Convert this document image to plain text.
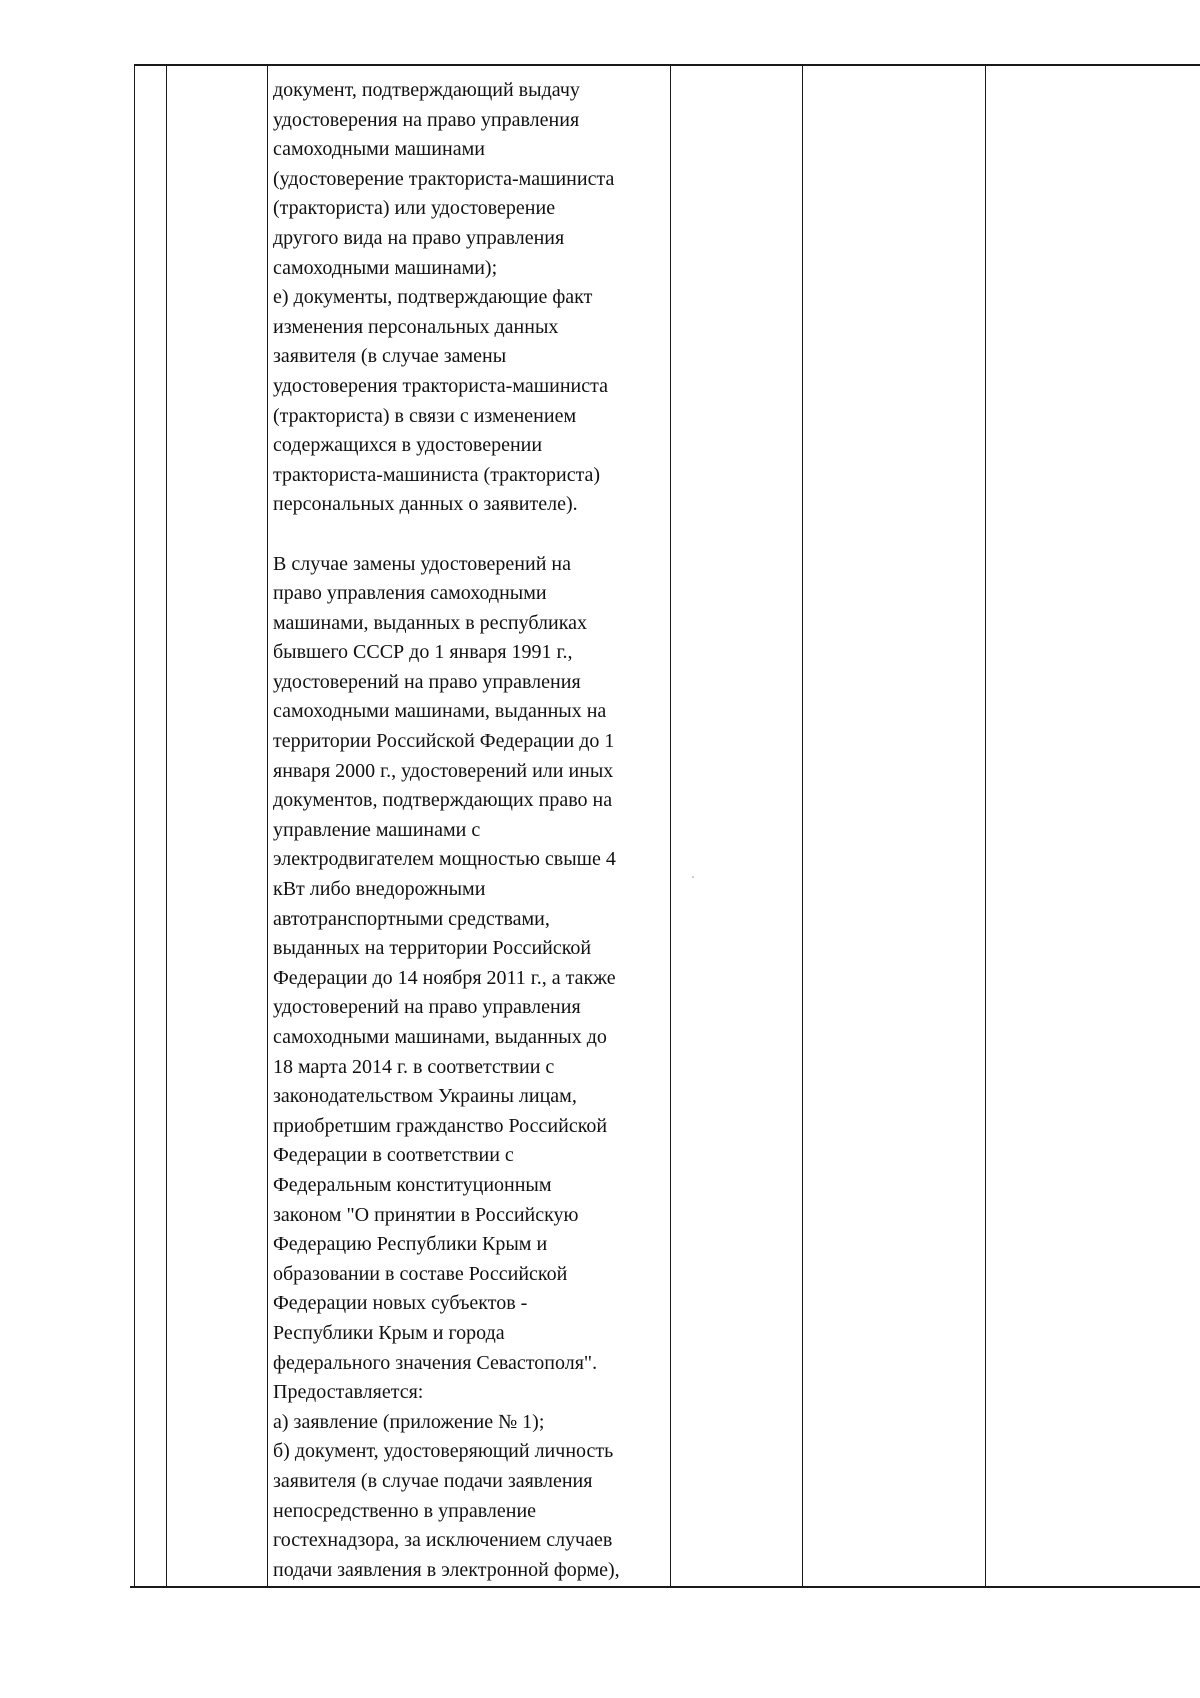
документ, подтверждающий выдачу
удостоверения на право управления
самоходными машинами
(удостоверение тракториста-машиниста
(тракториста) или удостоверение
другого вида на право управления
самоходными машинами);
е) документы, подтверждающие факт
изменения персональных данных
заявителя (в случае замены
удостоверения тракториста-машиниста
(тракториста) в связи с изменением
содержащихся в удостоверении
тракториста-машиниста (тракториста)
персональных данных о заявителе).
В случае замены удостоверений на
право управления самоходными
машинами, выданных в республиках
бывшего СССР до 1 января 1991 г.,
удостоверений на право управления
самоходными машинами, выданных на
территории Российской Федерации до 1
января 2000 г., удостоверений или иных
документов, подтверждающих право на
управление машинами с
электродвигателем мощностью свыше 4
кВт либо внедорожными
автотранспортными средствами,
выданных на территории Российской
Федерации до 14 ноября 2011 г., а также
удостоверений на право управления
самоходными машинами, выданных до
18 марта 2014 г. в соответствии с
законодательством Украины лицам,
приобретшим гражданство Российской
Федерации в соответствии с
Федеральным конституционным
законом "О принятии в Российскую
Федерацию Республики Крым и
образовании в составе Российской
Федерации новых субъектов -
Республики Крым и города
федерального значения Севастополя".
Предоставляется:
а) заявление (приложение № 1);
б) документ, удостоверяющий личность
заявителя (в случае подачи заявления
непосредственно в управление
гостехнадзора, за исключением случаев
подачи заявления в электронной форме),
